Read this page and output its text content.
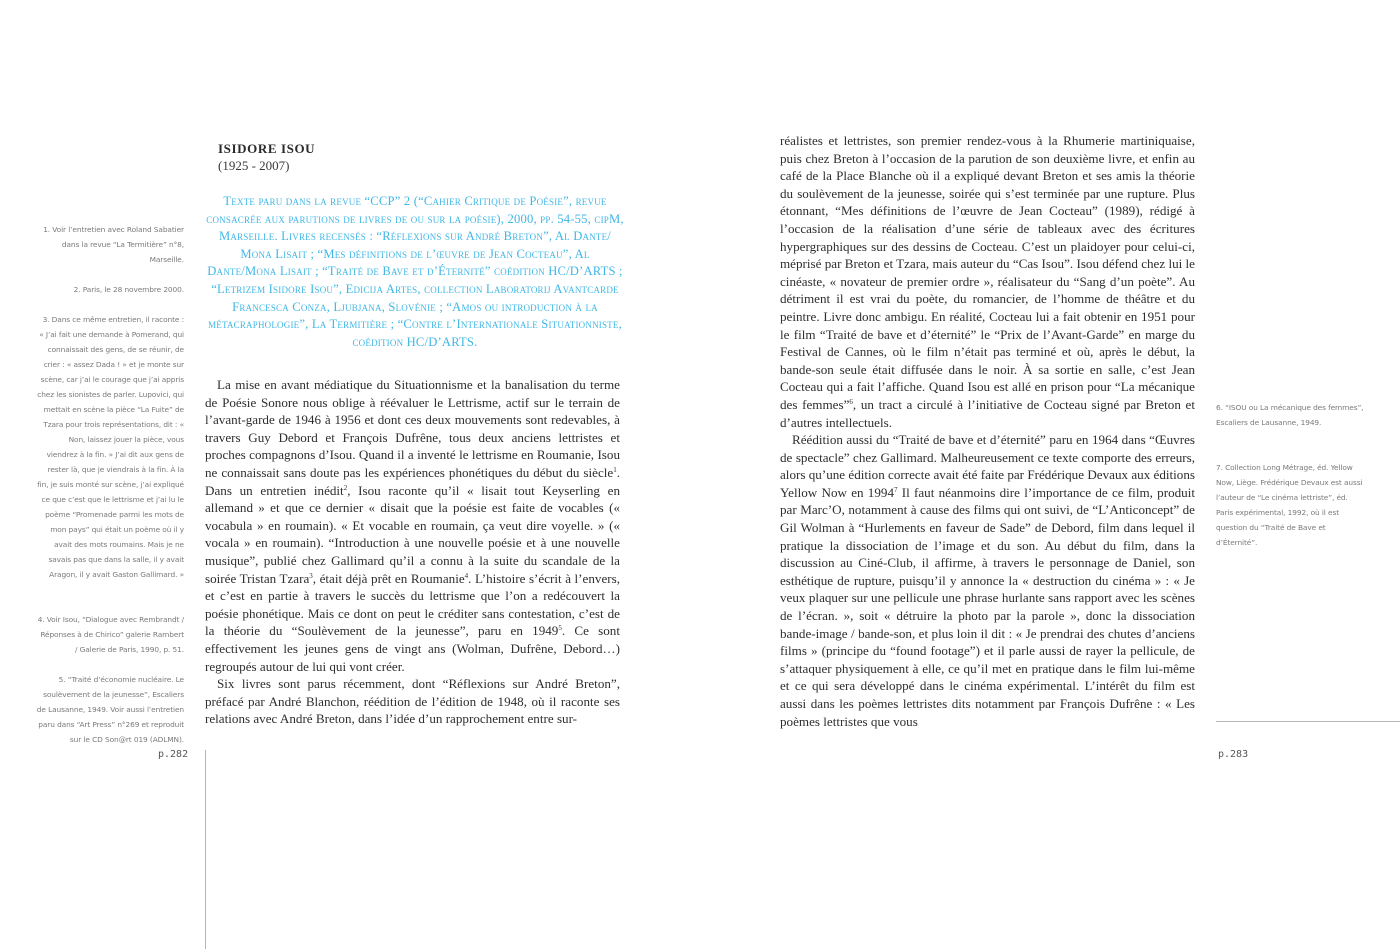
1. Voir l’entretien avec Roland Sabatier dans la revue “La Termitière” n°8, Marseille.

2. Paris, le 28 novembre 2000.

3. Dans ce même entretien, il raconte : « J’ai fait une demande à Pomerand, qui connaissait des gens, de se réunir, de crier : « assez Dada ! » et je monte sur scène, car j’ai le courage que j’ai appris chez les sionistes de parler. Lupovici, qui mettait en scène la pièce “La Fuite” de Tzara pour trois représentations, dit : « Non, laissez jouer la pièce, vous viendrez à la fin. » J’ai dit aux gens de rester là, que je viendrais à la fin. À la fin, je suis monté sur scène, j’ai expliqué ce que c’est que le lettrisme et j’ai lu le poème “Promenade parmi les mots de mon pays” qui était un poème où il y avait des mots roumains. Mais je ne savais pas que dans la salle, il y avait Aragon, il y avait Gaston Gallimard. »

4. Voir Isou, “Dialogue avec Rembrandt / Réponses à de Chirico” galerie Rambert / Galerie de Paris, 1990, p. 51.

5. “Traité d’économie nucléaire. Le soulèvement de la jeunesse”, Escaliers de Lausanne, 1949. Voir aussi l’entretien paru dans “Art Press” n°269 et reproduit sur le CD Son@rt 019 (ADLMN).

ISIDORE ISOU
(1925 - 2007)
Texte paru dans la revue “CCP” 2 (“Cahier Critique de Poésie”, revue consacrée aux parutions de livres de ou sur la poésie), 2000, pp. 54-55, cipM, Marseille. Livres recensés : “Réflexions sur André Breton”, Al Dante/ Mona Lisait ; “Mes définitions de l’œuvre de Jean Cocteau”, Al Dante/Mona Lisait ; “Traité de Bave et d’Éternité” coédition HC/D’ARTS ; “Letrizem Isidore Isou”, Edicija Artes, collection Laboratorij Avantcarde Francesca Conza, Ljubjana, Slovénie ; “Amos ou introduction à la métacraphologie”, La Termitière ; “Contre l’Internationale Situationniste, coédition HC/D’ARTS.

La mise en avant médiatique du Situationnisme et la banalisation du terme de Poésie Sonore nous oblige à réévaluer le Lettrisme, actif sur le terrain de l’avant-garde de 1946 à 1956 et dont ces deux mouvements sont redevables, à travers Guy Debord et François Dufrêne, tous deux anciens lettristes et proches compagnons d’Isou. Quand il a inventé le lettrisme en Roumanie, Isou ne connaissait sans doute pas les expériences phonétiques du début du siècle$^1$. Dans un entretien inédit$^2$, Isou raconte qu’il « lisait tout Keyserling en allemand » et que ce dernier « disait que la poésie est faite de vocables (« vocabula » en roumain). « Et vocable en roumain, ça veut dire voyelle. » (« vocala » en roumain). “Introduction à une nouvelle poésie et à une nouvelle musique”, publié chez Gallimard qu’il a connu à la suite du scandale de la soirée Tristan Tzara$^3$, était déjà prêt en Roumanie$^4$. L’histoire s’écrit à l’envers, et c’est en partie à travers le succès du lettrisme que l’on a redécouvert la poésie phonétique. Mais ce dont on peut le créditer sans contestation, c’est de la théorie du “Soulèvement de la jeunesse”, paru en 1949$^5$. Ce sont effectivement les jeunes gens de vingt ans (Wolman, Dufrêne, Debord…) regroupés autour de lui qui vont créer.

Six livres sont parus récemment, dont “Réflexions sur André Breton”, préfacé par André Blanchon, réédition de l’édition de 1948, où il raconte ses relations avec André Breton, dans l’idée d’un rapprochement entre sur-

p.282

réalistes et lettristes, son premier rendez-vous à la Rhumerie martiniquaise, puis chez Breton à l’occasion de la parution de son deuxième livre, et enfin au café de la Place Blanche où il a expliqué devant Breton et ses amis la théorie du soulèvement de la jeunesse, soirée qui s’est terminée par une rupture. Plus étonnant, “Mes définitions de l’œuvre de Jean Cocteau” (1989), rédigé à l’occasion de la réalisation d’une série de tableaux avec des écritures hypergraphiques sur des dessins de Cocteau. C’est un plaidoyer pour celui-ci, méprisé par Breton et Tzara, mais auteur du “Cas Isou”. Isou défend chez lui le cinéaste, « novateur de premier ordre », réalisateur du “Sang d’un poète”. Au détriment il est vrai du poète, du romancier, de l’homme de théâtre et du peintre. Livre donc ambigu. En réalité, Cocteau lui a fait obtenir en 1951 pour le film “Traité de bave et d’éternité” le “Prix de l’Avant-Garde” en marge du Festival de Cannes, où le film n’était pas terminé et où, après le début, la bande-son seule était diffusée dans le noir. À sa sortie en salle, c’est Jean Cocteau qui a fait l’affiche. Quand Isou est allé en prison pour “La mécanique des femmes”$^6$, un tract a circulé à l’initiative de Cocteau signé par Breton et d’autres intellectuels.

Réédition aussi du “Traité de bave et d’éternité” paru en 1964 dans “Œuvres de spectacle” chez Gallimard. Malheureusement ce texte comporte des erreurs, alors qu’une édition correcte avait été faite par Frédérique Devaux aux éditions Yellow Now en 1994$^7$ Il faut néanmoins dire l’importance de ce film, produit par Marc’O, notamment à cause des films qui ont suivi, de “L’Anticoncept” de Gil Wolman à “Hurlements en faveur de Sade” de Debord, film dans lequel il pratique la dissociation de l’image et du son. Au début du film, dans la discussion au Ciné-Club, il affirme, à travers le personnage de Daniel, son esthétique de rupture, puisqu’il y annonce la « destruction du cinéma » : « Je veux plaquer sur une pellicule une phrase hurlante sans rapport avec les scènes de l’écran. », soit « détruire la photo par la parole », donc la dissociation bande-image / bande-son, et plus loin il dit : « Je prendrai des chutes d’anciens films » (principe du “found footage”) et il parle aussi de rayer la pellicule, de s’attaquer physiquement à elle, ce qu’il met en pratique dans le film lui-même et ce qui sera développé dans le cinéma expérimental. L’intérêt du film est aussi dans les poèmes lettristes dits notamment par François Dufrêne : « Les poèmes lettristes que vous

6. “ISOU ou La mécanique des femmes”, Escaliers de Lausanne, 1949.

7. Collection Long Métrage, éd. Yellow Now, Liège. Frédérique Devaux est aussi l’auteur de “Le cinéma lettriste”, éd. Paris expérimental, 1992, où il est question du “Traité de Bave et d’Éternité”.

p.283
